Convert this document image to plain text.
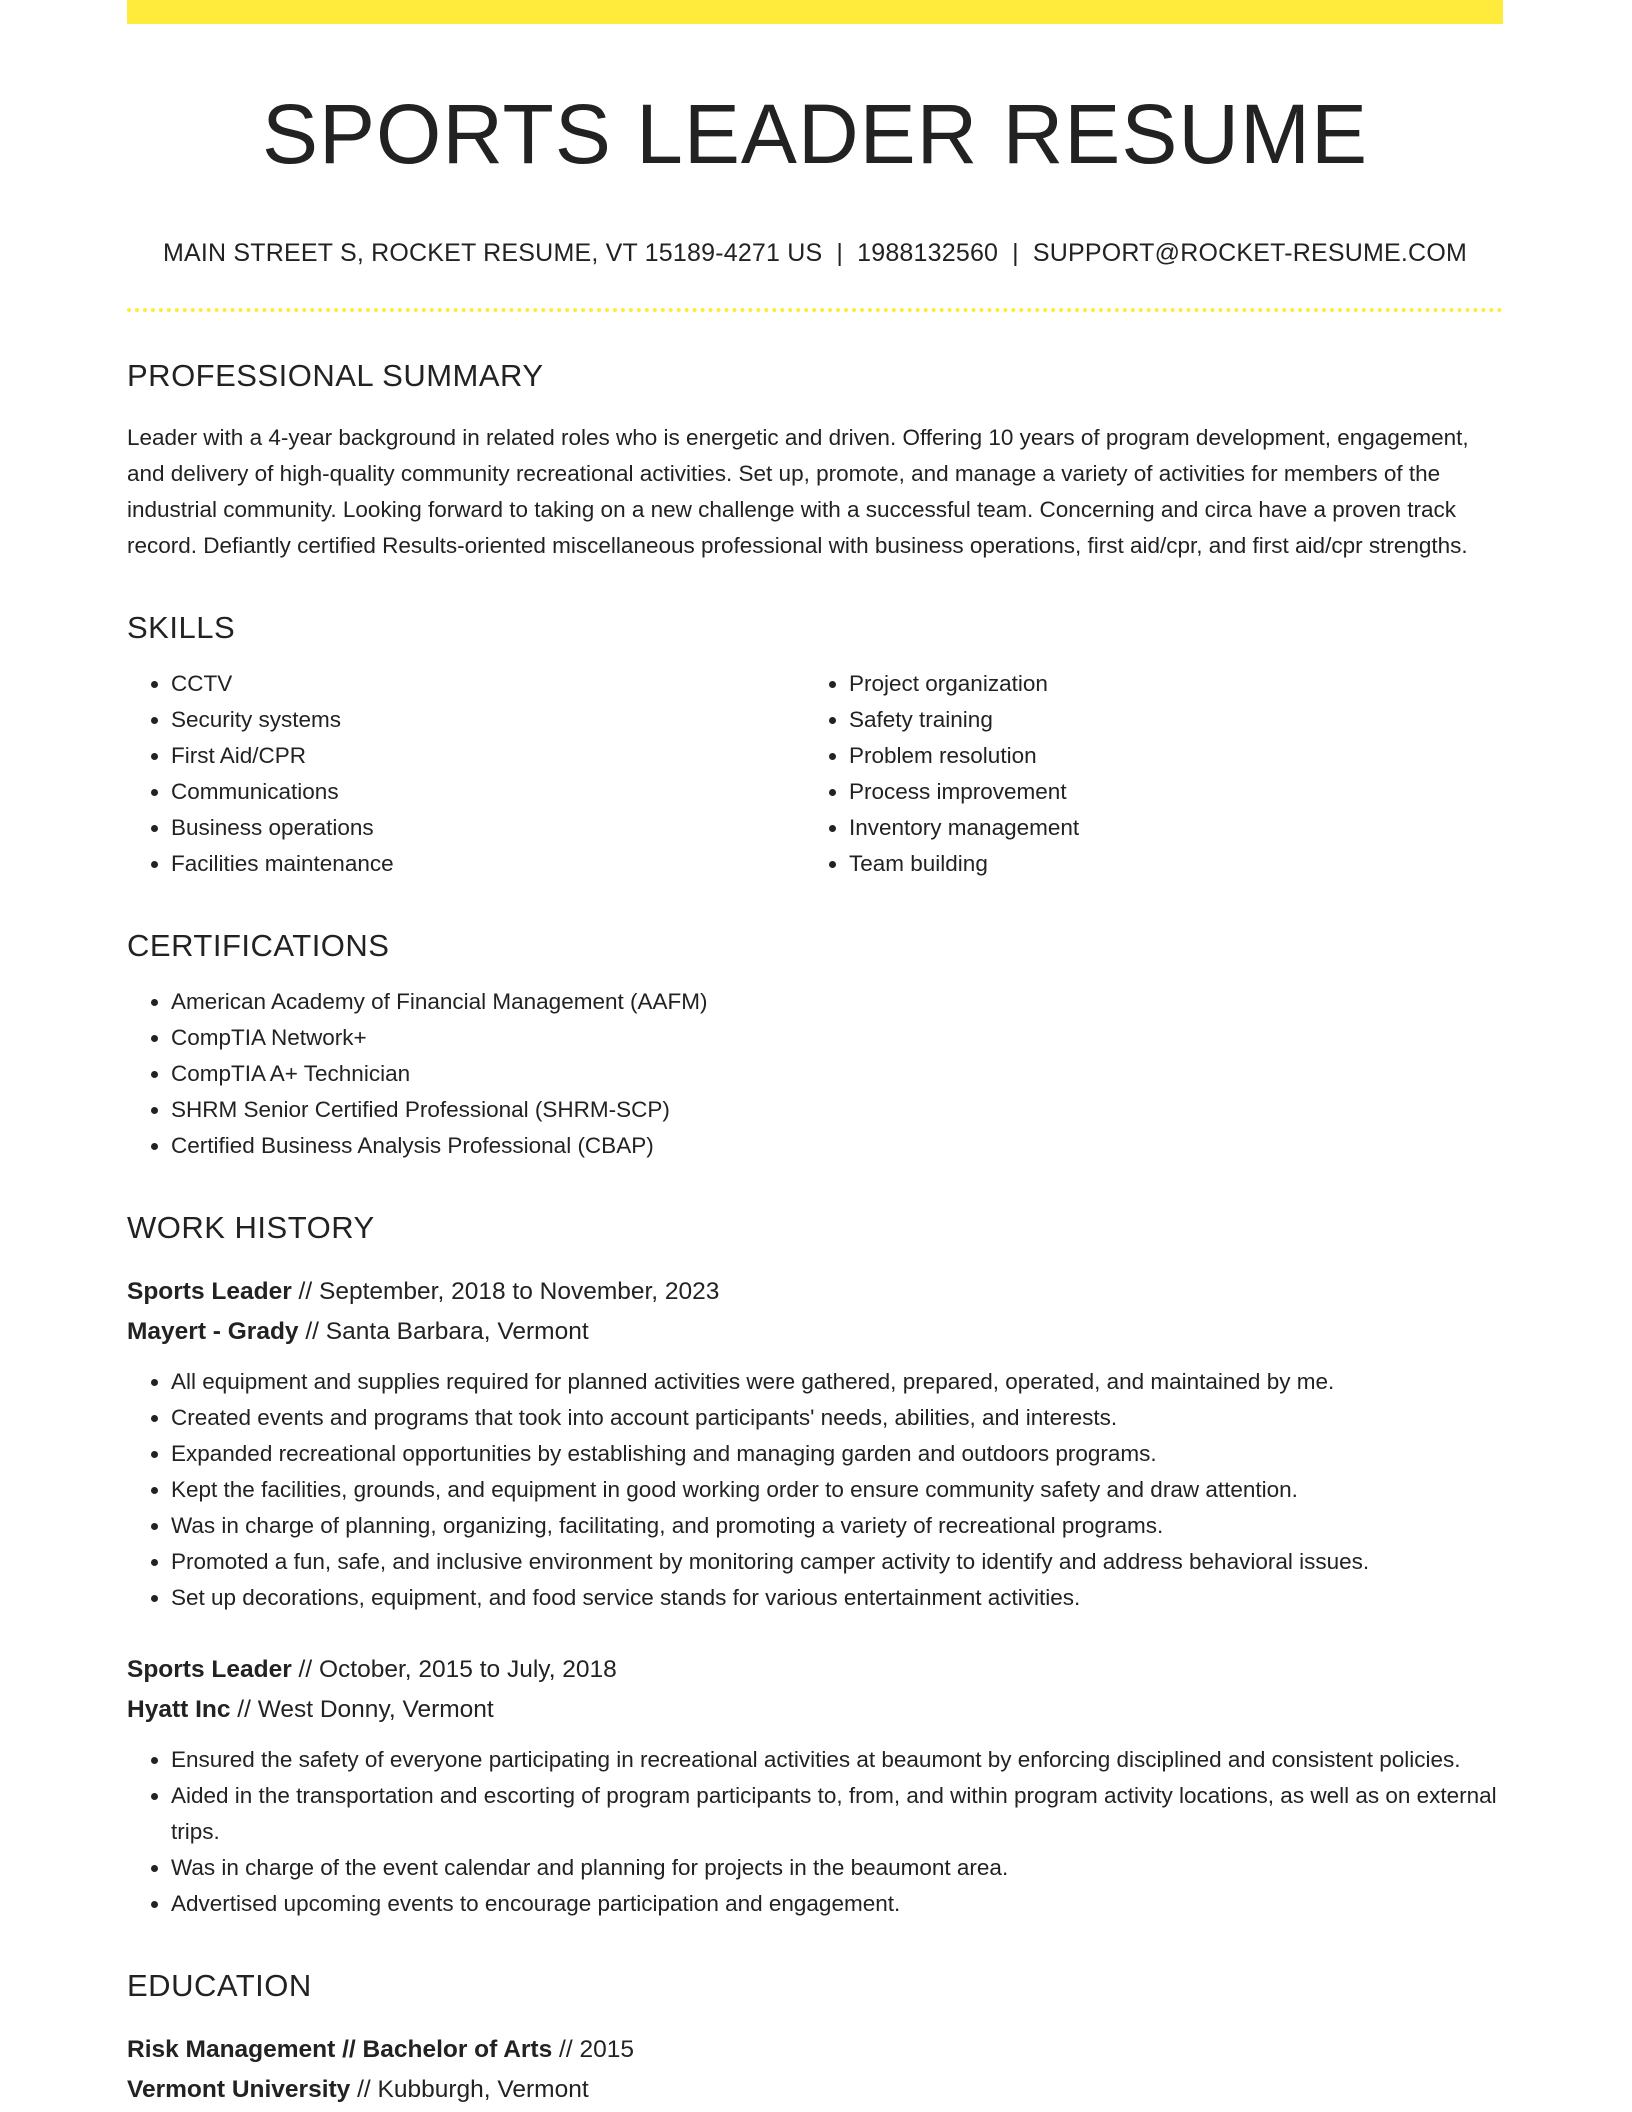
SPORTS LEADER RESUME
MAIN STREET S, ROCKET RESUME, VT 15189-4271 US | 1988132560 | SUPPORT@ROCKET-RESUME.COM
PROFESSIONAL SUMMARY

Leader with a 4-year background in related roles who is energetic and driven. Offering 10 years of program development, engagement, and delivery of high-quality community recreational activities. Set up, promote, and manage a variety of activities for members of the industrial community. Looking forward to taking on a new challenge with a successful team. Concerning and circa have a proven track record. Defiantly certified Results-oriented miscellaneous professional with business operations, first aid/cpr, and first aid/cpr strengths.

SKILLS
• CCTV
• Security systems
• First Aid/CPR
• Communications
• Business operations
• Facilities maintenance
• Project organization
• Safety training
• Problem resolution
• Process improvement
• Inventory management
• Team building
CERTIFICATIONS
• American Academy of Financial Management (AAFM)
• CompTIA Network+
• CompTIA A+ Technician
• SHRM Senior Certified Professional (SHRM-SCP)
• Certified Business Analysis Professional (CBAP)
WORK HISTORY
Sports Leader // September, 2018 to November, 2023
Mayert - Grady // Santa Barbara, Vermont
• All equipment and supplies required for planned activities were gathered, prepared, operated, and maintained by me.
• Created events and programs that took into account participants' needs, abilities, and interests.
• Expanded recreational opportunities by establishing and managing garden and outdoors programs.
• Kept the facilities, grounds, and equipment in good working order to ensure community safety and draw attention.
• Was in charge of planning, organizing, facilitating, and promoting a variety of recreational programs.
• Promoted a fun, safe, and inclusive environment by monitoring camper activity to identify and address behavioral issues.
• Set up decorations, equipment, and food service stands for various entertainment activities.
Sports Leader // October, 2015 to July, 2018
Hyatt Inc // West Donny, Vermont
• Ensured the safety of everyone participating in recreational activities at beaumont by enforcing disciplined and consistent policies.
• Aided in the transportation and escorting of program participants to, from, and within program activity locations, as well as on external trips.
• Was in charge of the event calendar and planning for projects in the beaumont area.
• Advertised upcoming events to encourage participation and engagement.
EDUCATION
Risk Management // Bachelor of Arts // 2015
Vermont University // Kubburgh, Vermont
